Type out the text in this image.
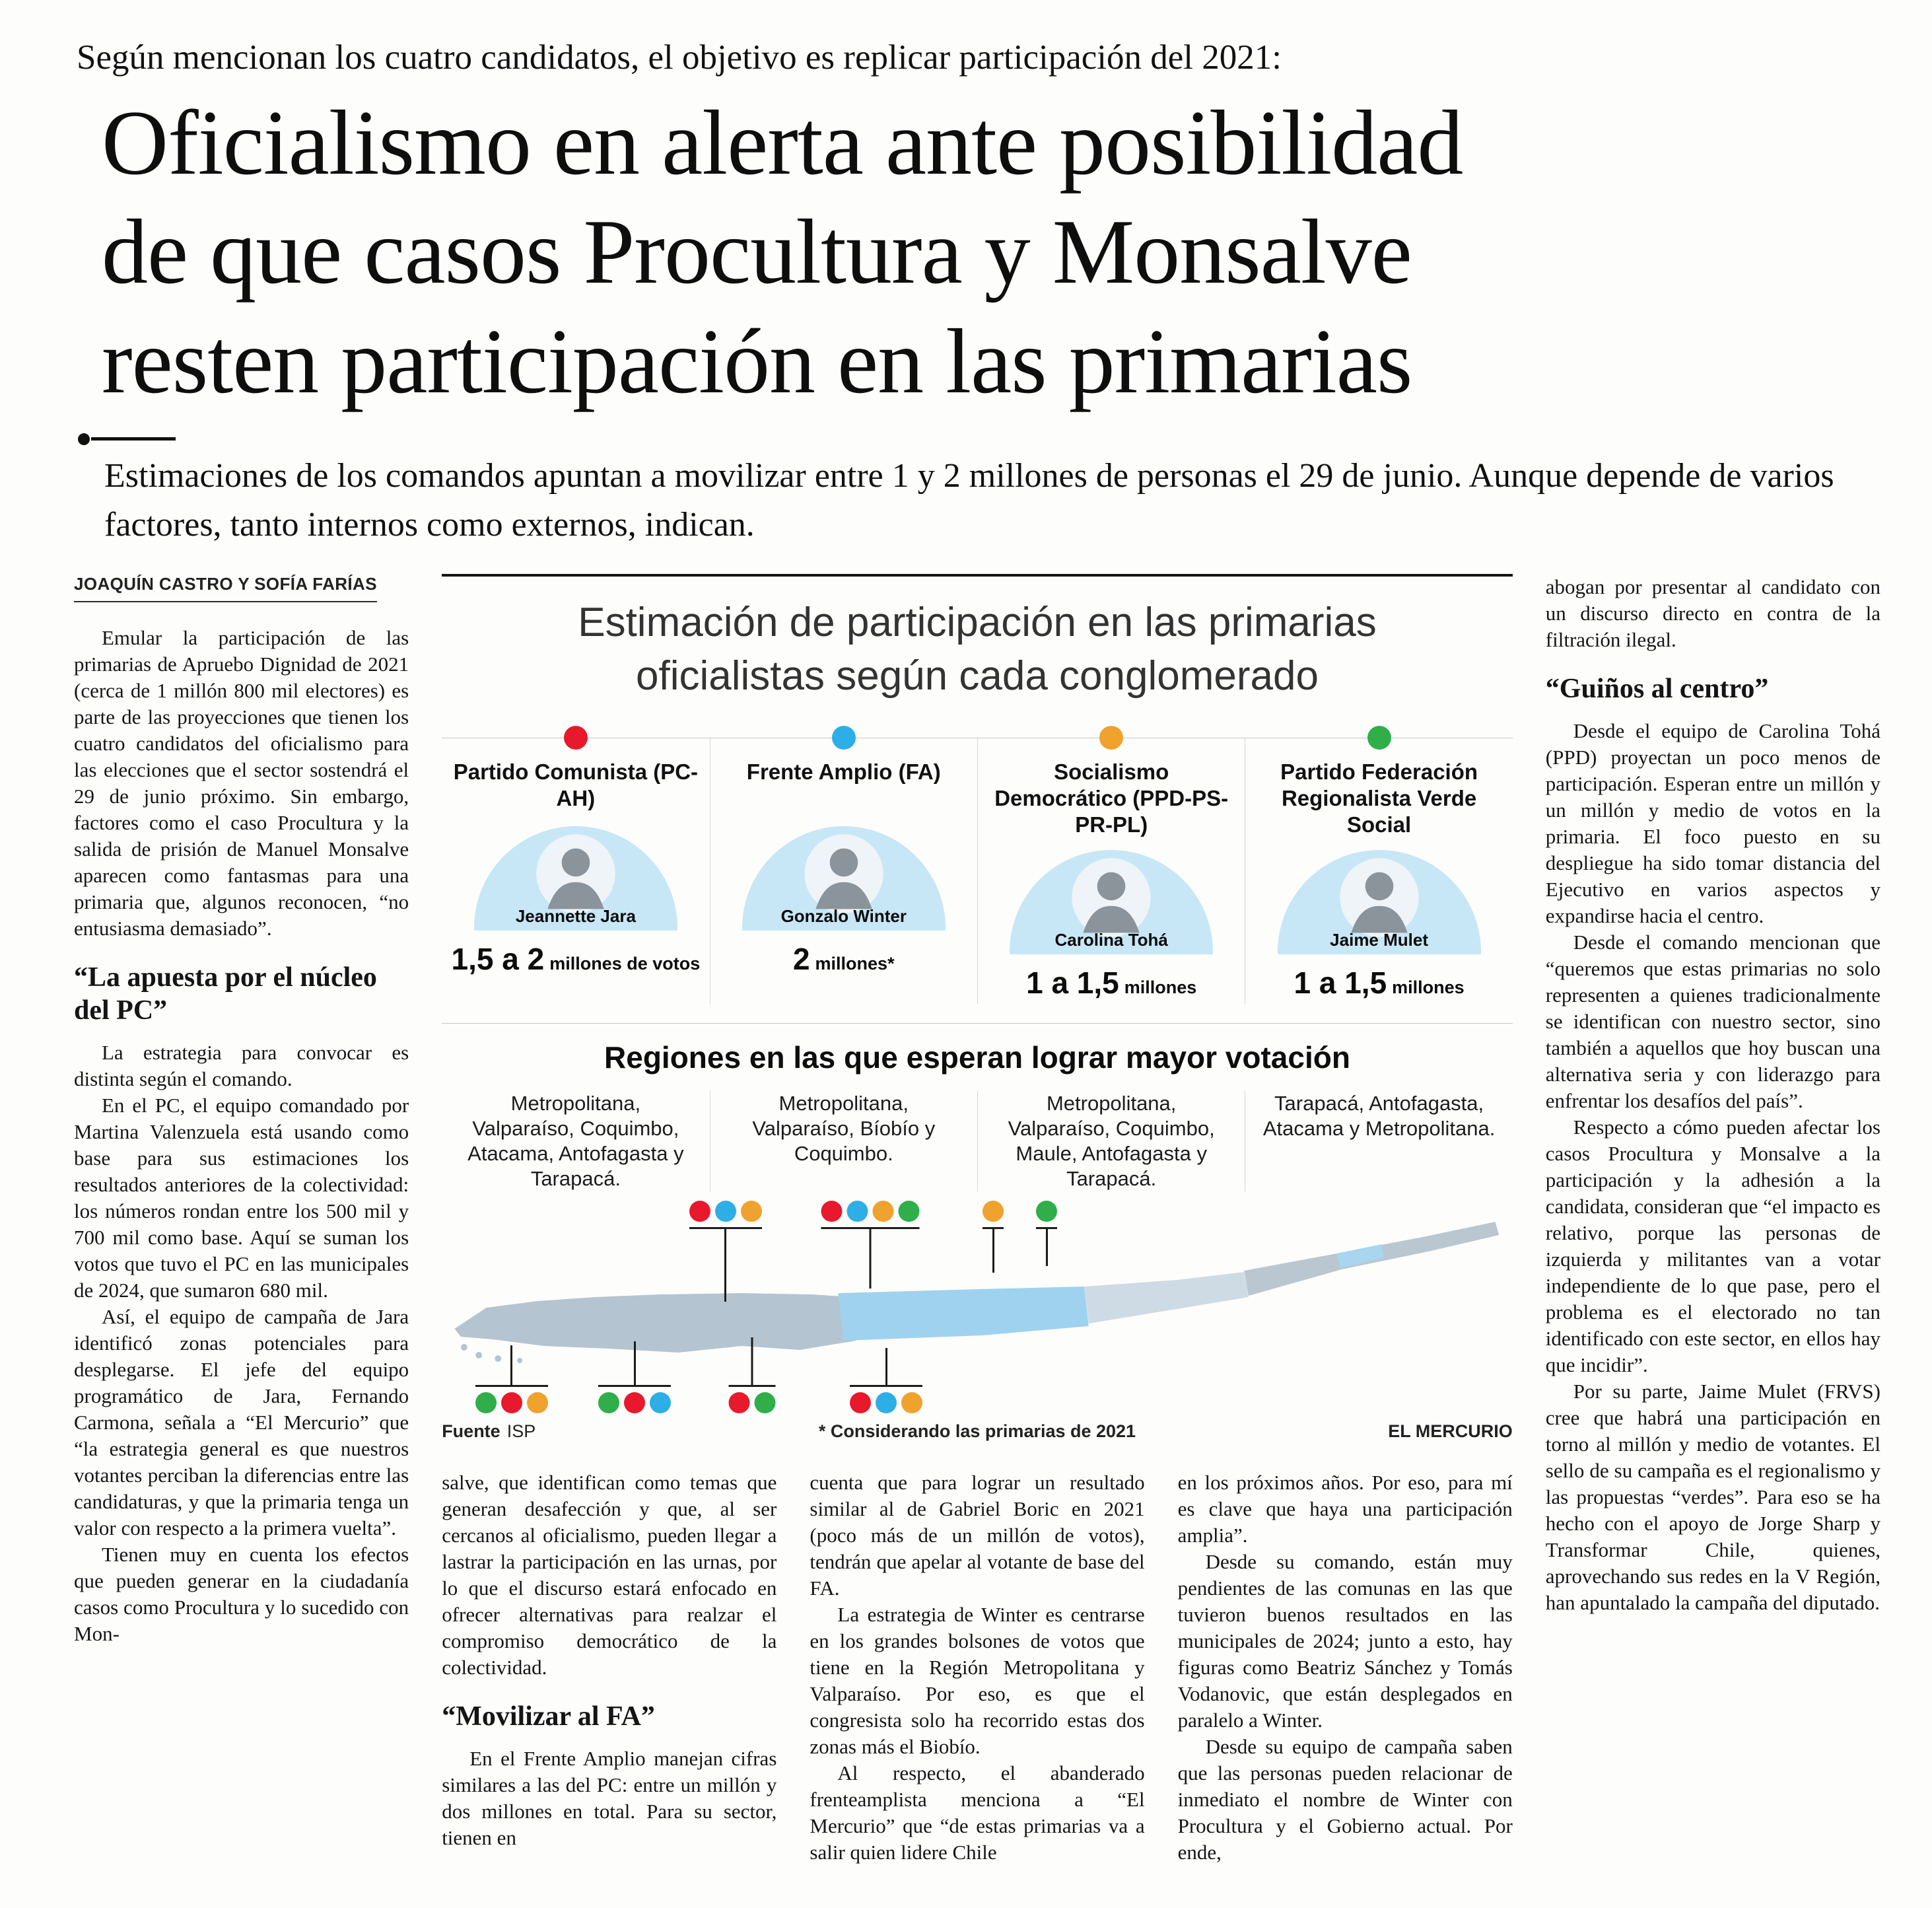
Según mencionan los cuatro candidatos, el objetivo es replicar participación del 2021:
Oficialismo en alerta ante posibilidad
de que casos Procultura y Monsalve
resten participación en las primarias
Estimaciones de los comandos apuntan a movilizar entre 1 y 2 millones de personas el 29 de junio. Aunque depende de varios factores, tanto internos como externos, indican.
JOAQUÍN CASTRO Y SOFÍA FARÍAS

Emular la participación de las primarias de Apruebo Dignidad de 2021 (cerca de 1 millón 800 mil electores) es parte de las proyecciones que tienen los cuatro candidatos del oficialismo para las elecciones que el sector sostendrá el 29 de junio próximo. Sin embargo, factores como el caso Procultura y la salida de prisión de Manuel Monsalve aparecen como fantasmas para una primaria que, algunos reconocen, “no entusiasma demasiado”.

“La apuesta por el núcleo del PC”

La estrategia para convocar es distinta según el comando.

En el PC, el equipo comandado por Martina Valenzuela está usando como base para sus estimaciones los resultados anteriores de la colectividad: los números rondan entre los 500 mil y 700 mil como base. Aquí se suman los votos que tuvo el PC en las municipales de 2024, que sumaron 680 mil.

Así, el equipo de campaña de Jara identificó zonas potenciales para desplegarse. El jefe del equipo programático de Jara, Fernando Carmona, señala a “El Mercurio” que “la estrategia general es que nuestros votantes perciban la diferencias entre las candidaturas, y que la primaria tenga un valor con respecto a la primera vuelta”.

Tienen muy en cuenta los efectos que pueden generar en la ciudadanía casos como Procultura y lo sucedido con Mon-

Estimación de participación en las primarias
oficialistas según cada conglomerado
Partido Comunista (PC-AH)
Jeannette Jara
1,5 a 2 millones de votos
Frente Amplio (FA)
Gonzalo Winter
2 millones*
Socialismo Democrático (PPD-PS-PR-PL)
Carolina Tohá
1 a 1,5 millones
Partido Federación Regionalista Verde Social
Jaime Mulet
1 a 1,5 millones
Regiones en las que esperan lograr mayor votación
Metropolitana, Valparaíso, Coquimbo, Atacama, Antofagasta y Tarapacá.
Metropolitana, Valparaíso, Bíobío y Coquimbo.
Metropolitana, Valparaíso, Coquimbo, Maule, Antofagasta y Tarapacá.
Tarapacá, Antofagasta, Atacama y Metropolitana.
Fuente ISP	* Considerando las primarias de 2021	EL MERCURIO

salve, que identifican como temas que generan desafección y que, al ser cercanos al oficialismo, pueden llegar a lastrar la participación en las urnas, por lo que el discurso estará enfocado en ofrecer alternativas para realzar el compromiso democrático de la colectividad.

“Movilizar al FA”

En el Frente Amplio manejan cifras similares a las del PC: entre un millón y dos millones en total. Para su sector, tienen en

cuenta que para lograr un resultado similar al de Gabriel Boric en 2021 (poco más de un millón de votos), tendrán que apelar al votante de base del FA.

La estrategia de Winter es centrarse en los grandes bolsones de votos que tiene en la Región Metropolitana y Valparaíso. Por eso, es que el congresista solo ha recorrido estas dos zonas más el Biobío.

Al respecto, el abanderado frenteamplista menciona a “El Mercurio” que “de estas primarias va a salir quien lidere Chile

en los próximos años. Por eso, para mí es clave que haya una participación amplia”.

Desde su comando, están muy pendientes de las comunas en las que tuvieron buenos resultados en las municipales de 2024; junto a esto, hay figuras como Beatriz Sánchez y Tomás Vodanovic, que están desplegados en paralelo a Winter.

Desde su equipo de campaña saben que las personas pueden relacionar de inmediato el nombre de Winter con Procultura y el Gobierno actual. Por ende,

abogan por presentar al candidato con un discurso directo en contra de la filtración ilegal.

“Guiños al centro”

Desde el equipo de Carolina Tohá (PPD) proyectan un poco menos de participación. Esperan entre un millón y un millón y medio de votos en la primaria. El foco puesto en su despliegue ha sido tomar distancia del Ejecutivo en varios aspectos y expandirse hacia el centro.

Desde el comando mencionan que “queremos que estas primarias no solo representen a quienes tradicionalmente se identifican con nuestro sector, sino también a aquellos que hoy buscan una alternativa seria y con liderazgo para enfrentar los desafíos del país”.

Respecto a cómo pueden afectar los casos Procultura y Monsalve a la participación y la adhesión a la candidata, consideran que “el impacto es relativo, porque las personas de izquierda y militantes van a votar independiente de lo que pase, pero el problema es el electorado no tan identificado con este sector, en ellos hay que incidir”.

Por su parte, Jaime Mulet (FRVS) cree que habrá una participación en torno al millón y medio de votantes. El sello de su campaña es el regionalismo y las propuestas “verdes”. Para eso se ha hecho con el apoyo de Jorge Sharp y Transformar Chile, quienes, aprovechando sus redes en la V Región, han apuntalado la campaña del diputado.
